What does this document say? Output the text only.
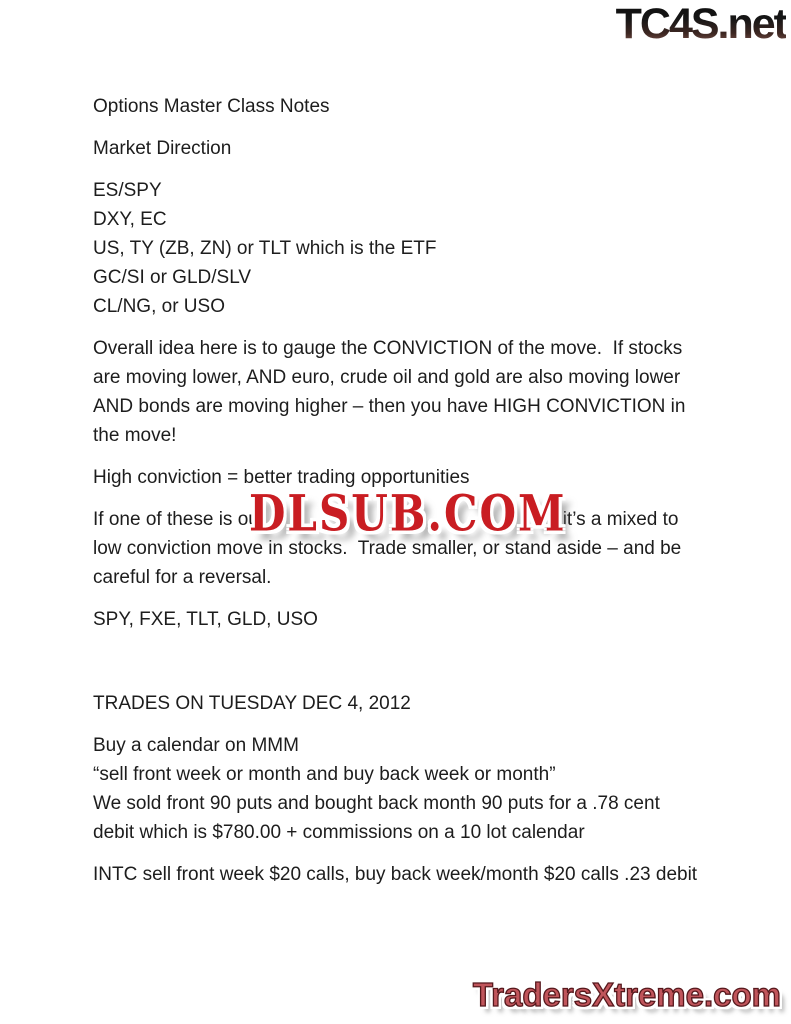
TC4S.net
Options Master Class Notes
Market Direction
ES/SPY
DXY, EC
US, TY (ZB, ZN) or TLT which is the ETF
GC/SI or GLD/SLV
CL/NG, or USO
Overall idea here is to gauge the CONVICTION of the move.  If stocks
are moving lower, AND euro, crude oil and gold are also moving lower
AND bonds are moving higher – then you have HIGH CONVICTION in
the move!
High conviction = better trading opportunities
If one of these is ou	n it’s a mixed to
low conviction move in stocks.  Trade smaller, or stand aside – and be
careful for a reversal.
SPY, FXE, TLT, GLD, USO
TRADES ON TUESDAY DEC 4, 2012
Buy a calendar on MMM
“sell front week or month and buy back week or month”
We sold front 90 puts and bought back month 90 puts for a .78 cent
debit which is $780.00 + commissions on a 10 lot calendar
INTC sell front week $20 calls, buy back week/month $20 calls .23 debit
DLSUB.COM
TradersXtreme.com
